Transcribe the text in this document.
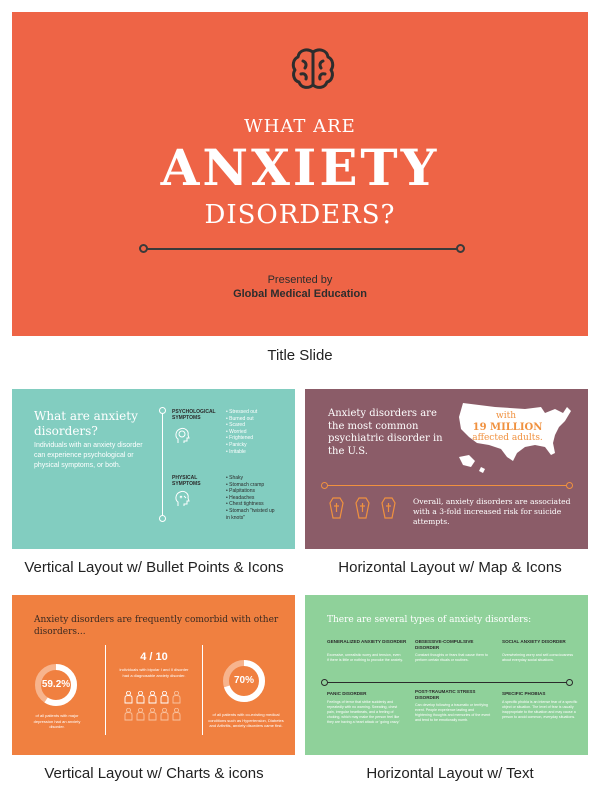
WHAT ARE
ANXIETY
DISORDERS?
Presented by
Global Medical Education
Title Slide
What are anxiety disorders?
Individuals with an anxiety disorder can experience psychological or physical symptoms, or both.
PSYCHOLOGICAL SYMPTOMS
• Stressed out
• Burned out
• Scared
• Worried
• Frightened
• Panicky
• Irritable
PHYSICAL SYMPTOMS
• Shaky
• Stomach cramp
• Palpitations
• Headaches
• Chest tightness
• Stomach "twisted up in knots"
Vertical Layout w/ Bullet Points & Icons
Anxiety disorders are the most common psychiatric disorder in the U.S.
with
19 MILLION
affected adults.
Overall, anxiety disorders are associated with a 3-fold increased risk for suicide attempts.
Horizontal Layout w/ Map & Icons
Anxiety disorders are frequently comorbid with other disorders...
59.2%
of all patients with major depression had an anxiety disorder.
4 / 10
individuals with bipolar I and II disorder had a diagnosable anxiety disorder.	70%
of all patients with co-existing medical conditions such as Hypertension, Diabetes and Arthritis, anxiety disorders came first.
Vertical Layout w/ Charts & icons
There are several types of anxiety disorders:
GENERALIZED ANXIETY DISORDER
Excessive, unrealistic worry and tension, even if there is little or nothing to provoke the anxiety.
OBSESSIVE-COMPULSIVE DISORDER
Constant thoughts or fears that cause them to perform certain rituals or routines.
SOCIAL ANXIETY DISORDER
Overwhelming worry and self-consciousness about everyday social situations.
PANIC DISORDER
Feelings of terror that strike suddenly and repeatedly with no warning. Sweating, chest pain, irregular heartbeats, and a feeling of choking, which may make the person feel like they are having a heart attack or 'going crazy.'
POST-TRAUMATIC STRESS DISORDER
Can develop following a traumatic or terrifying event. People experience lasting and frightening thoughts and memories of the event and tend to be emotionally numb.
SPECIFIC PHOBIAS
A specific phobia is an intense fear of a specific object or situation. The level of fear is usually inappropriate to the situation and may cause a person to avoid common, everyday situations.
Horizontal Layout w/ Text
